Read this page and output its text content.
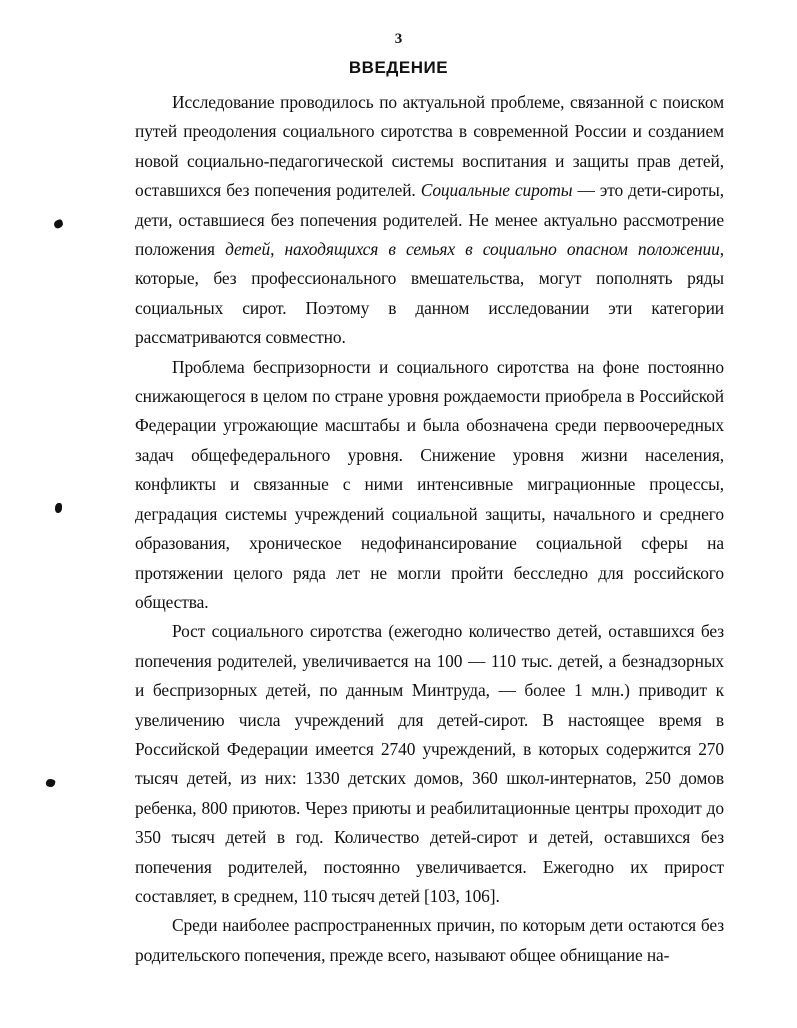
3
ВВЕДЕНИЕ

Исследование проводилось по актуальной проблеме, связанной с поиском путей преодоления социального сиротства в современной России и созданием новой социально-педагогической системы воспитания и защиты прав детей, оставшихся без попечения родителей. Социальные сироты — это дети-сироты, дети, оставшиеся без попечения родителей. Не менее актуально рассмотрение положения детей, находящихся в семьях в социально опасном положении, которые, без профессионального вмешательства, могут пополнять ряды социальных сирот. Поэтому в данном исследовании эти категории рассматриваются совместно.

Проблема беспризорности и социального сиротства на фоне постоянно снижающегося в целом по стране уровня рождаемости приобрела в Российской Федерации угрожающие масштабы и была обозначена среди первоочередных задач общефедерального уровня. Снижение уровня жизни населения, конфликты и связанные с ними интенсивные миграционные процессы, деградация системы учреждений социальной защиты, начального и среднего образования, хроническое недофинансирование социальной сферы на протяжении целого ряда лет не могли пройти бесследно для российского общества.

Рост социального сиротства (ежегодно количество детей, оставшихся без попечения родителей, увеличивается на 100 — 110 тыс. детей, а безнадзорных и беспризорных детей, по данным Минтруда, — более 1 млн.) приводит к увеличению числа учреждений для детей-сирот. В настоящее время в Российской Федерации имеется 2740 учреждений, в которых содержится 270 тысяч детей, из них: 1330 детских домов, 360 школ-интернатов, 250 домов ребенка, 800 приютов. Через приюты и реабилитационные центры проходит до 350 тысяч детей в год. Количество детей-сирот и детей, оставшихся без попечения родителей, постоянно увеличивается. Ежегодно их прирост составляет, в среднем, 110 тысяч детей [103, 106].

Среди наиболее распространенных причин, по которым дети остаются без родительского попечения, прежде всего, называют общее обнищание на-
